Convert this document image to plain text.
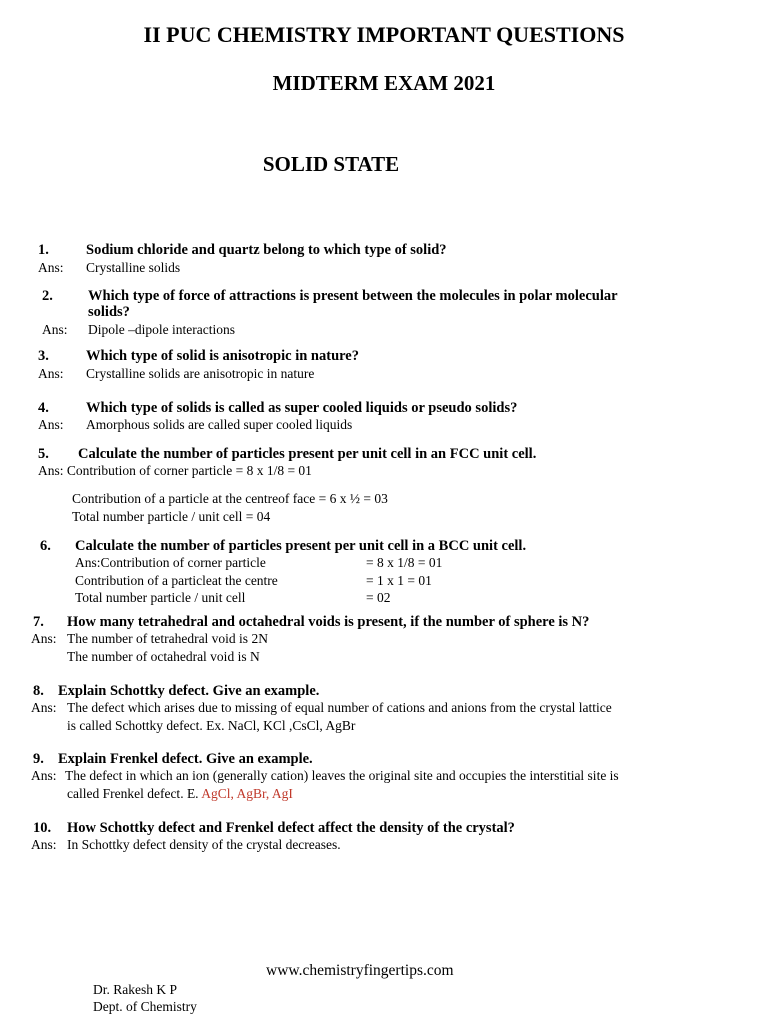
II PUC CHEMISTRY IMPORTANT QUESTIONS
MIDTERM EXAM 2021
SOLID STATE
1.	Sodium chloride and quartz belong to which type of solid?
Ans: Crystalline solids
2. Which type of force of attractions is present between the molecules in polar molecular
solids?
Ans: Dipole –dipole interactions
3.	Which type of solid is anisotropic in nature?
Ans: Crystalline solids are anisotropic in nature
4.	Which type of solids is called as super cooled liquids or pseudo solids?
Ans: Amorphous solids are called super cooled liquids
5. Calculate the number of particles present per unit cell in an FCC unit cell.
Ans: Contribution of corner particle = 8 x 1/8 = 01
Contribution of a particle at the centreof face = 6 x ½ = 03
Total number particle / unit cell = 04
6. Calculate the number of particles present per unit cell in a BCC unit cell.
Ans:Contribution of corner particle	= 8 x 1/8 = 01
Contribution of a particleat the centre	= 1 x 1 = 01
Total number particle / unit cell	= 02
7. How many tetrahedral and octahedral voids is present, if the number of sphere is N?
Ans: The number of tetrahedral void is 2N
The number of octahedral void is N
8. Explain Schottky defect. Give an example.
Ans: The defect which arises due to missing of equal number of cations and anions from the crystal lattice
is called Schottky defect. Ex. NaCl, KCl ,CsCl, AgBr
9. Explain Frenkel defect. Give an example.
Ans: The defect in which an ion (generally cation) leaves the original site and occupies the interstitial site is
called Frenkel defect. E. AgCl, AgBr, AgI
10. How Schottky defect and Frenkel defect affect the density of the crystal?
Ans: In Schottky defect density of the crystal decreases.
www.chemistryfingertips.com
Dr. Rakesh K P
Dept. of Chemistry
